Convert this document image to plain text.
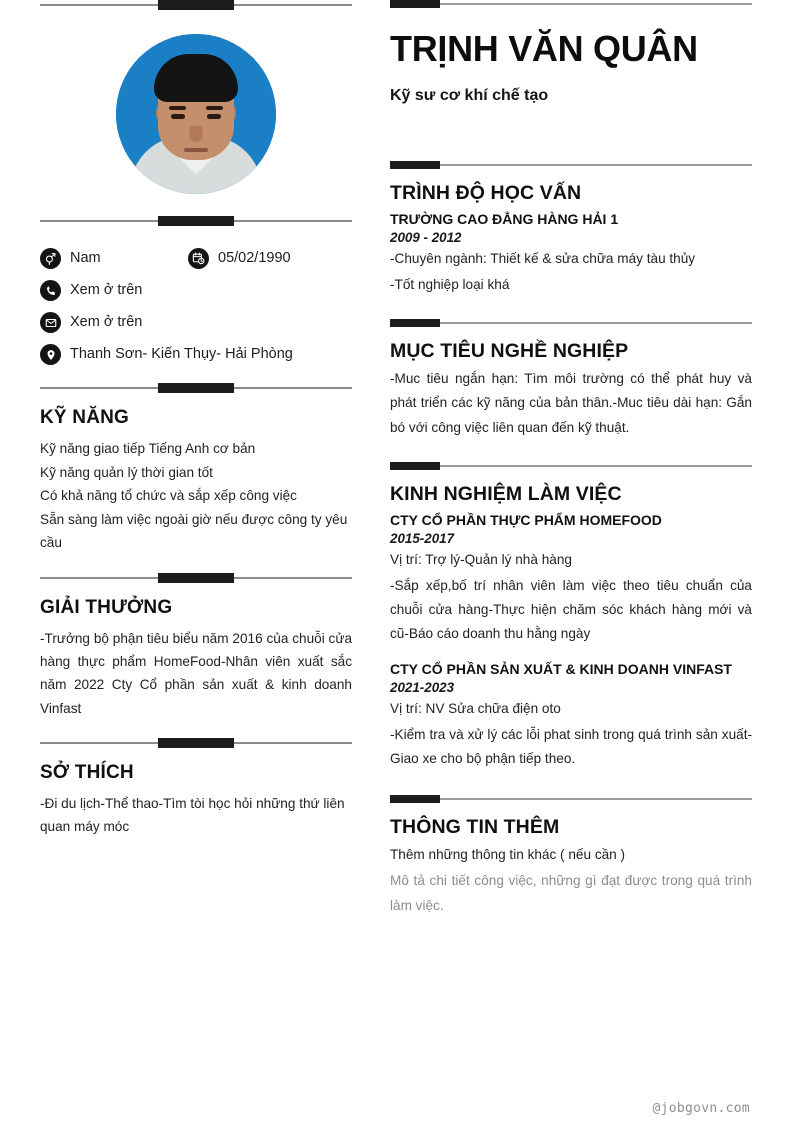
Nam	05/02/1990
Xem ở trên
Xem ở trên
Thanh Sơn- Kiến Thụy- Hải Phòng
KỸ NĂNG
Kỹ năng giao tiếp Tiếng Anh cơ bản
Kỹ năng quản lý thời gian tốt
Có khả năng tổ chức và sắp xếp công việc
Sẵn sàng làm việc ngoài giờ nếu được công ty yêu cầu
GIẢI THƯỞNG

-Trưởng bộ phận tiêu biểu năm 2016 của chuỗi cửa hàng thực phẩm HomeFood-Nhân viên xuất sắc năm 2022 Cty Cổ phần sản xuất & kinh doanh Vinfast

SỞ THÍCH

-Đi du lịch-Thể thao-Tìm tòi học hỏi những thứ liên quan máy móc

TRỊNH VĂN QUÂN
Kỹ sư cơ khí chế tạo
TRÌNH ĐỘ HỌC VẤN
TRƯỜNG CAO ĐẲNG HÀNG HẢI 1
2009 - 2012

-Chuyên ngành: Thiết kế & sửa chữa máy tàu thủy

-Tốt nghiệp loại khá

MỤC TIÊU NGHỀ NGHIỆP

-Muc tiêu ngắn hạn: Tìm môi trường có thể phát huy và phát triển các kỹ năng của bản thân.-Muc tiêu dài hạn: Gắn bó với công việc liên quan đến kỹ thuật.

KINH NGHIỆM LÀM VIỆC
CTY CỔ PHẦN THỰC PHẨM HOMEFOOD
2015-2017

Vị trí: Trợ lý-Quản lý nhà hàng

-Sắp xếp,bố trí nhân viên làm việc theo tiêu chuẩn của chuỗi cửa hàng-Thực hiện chăm sóc khách hàng mới và cũ-Báo cáo doanh thu hằng ngày

CTY CỔ PHẦN SẢN XUẤT & KINH DOANH VINFAST
2021-2023

Vị trí: NV Sửa chữa điện oto

-Kiểm tra và xử lý các lỗi phat sinh trong quá trình sản xuất-Giao xe cho bộ phận tiếp theo.

THÔNG TIN THÊM

Thêm những thông tin khác ( nếu cần )

Mô tả chi tiết công việc, những gì đạt được trong quá trình làm việc.

@jobgovn.com
